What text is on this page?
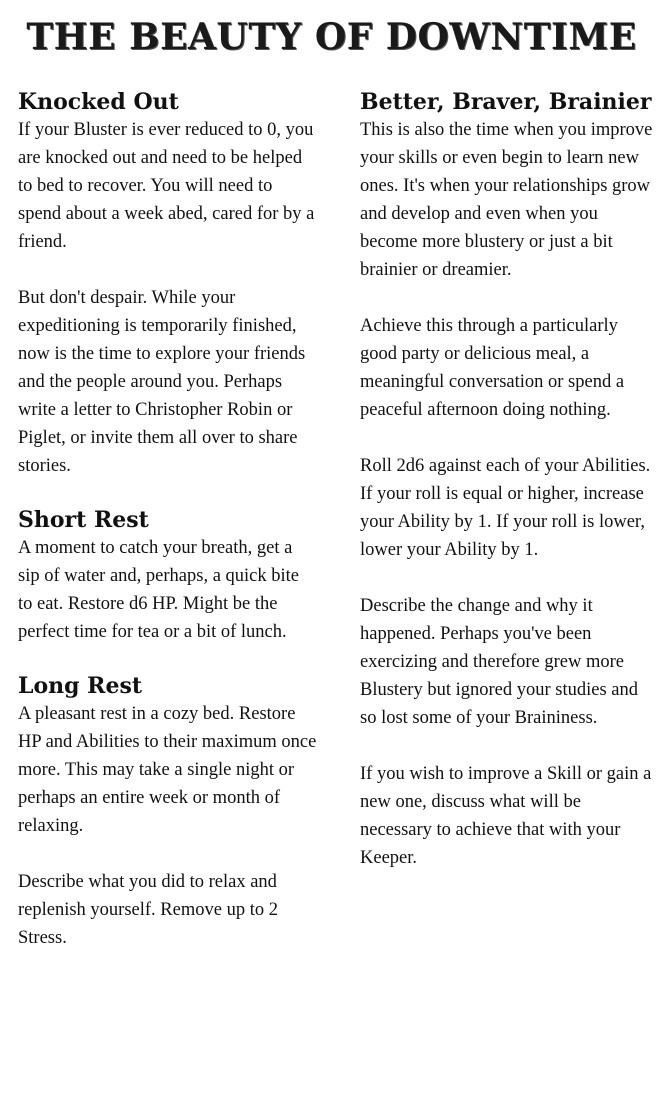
THE BEAUTY OF DOWNTIME
Knocked Out

If your Bluster is ever reduced to 0, you are knocked out and need to be helped to bed to recover. You will need to spend about a week abed, cared for by a friend.

But don't despair. While your expeditioning is temporarily finished, now is the time to explore your friends and the people around you. Perhaps write a letter to Christopher Robin or Piglet, or invite them all over to share stories.

Short Rest

A moment to catch your breath, get a sip of water and, perhaps, a quick bite to eat. Restore d6 HP. Might be the perfect time for tea or a bit of lunch.

Long Rest

A pleasant rest in a cozy bed. Restore HP and Abilities to their maximum once more. This may take a single night or perhaps an entire week or month of relaxing.

Describe what you did to relax and replenish yourself. Remove up to 2 Stress.

Better, Braver, Brainier

This is also the time when you improve your skills or even begin to learn new ones. It's when your relationships grow and develop and even when you become more blustery or just a bit brainier or dreamier.

Achieve this through a particularly good party or delicious meal, a meaningful conversation or spend a peaceful afternoon doing nothing.

Roll 2d6 against each of your Abilities. If your roll is equal or higher, increase your Ability by 1. If your roll is lower, lower your Ability by 1.

Describe the change and why it happened. Perhaps you've been exercizing and therefore grew more Blustery but ignored your studies and so lost some of your Braininess.

If you wish to improve a Skill or gain a new one, discuss what will be necessary to achieve that with your Keeper.
